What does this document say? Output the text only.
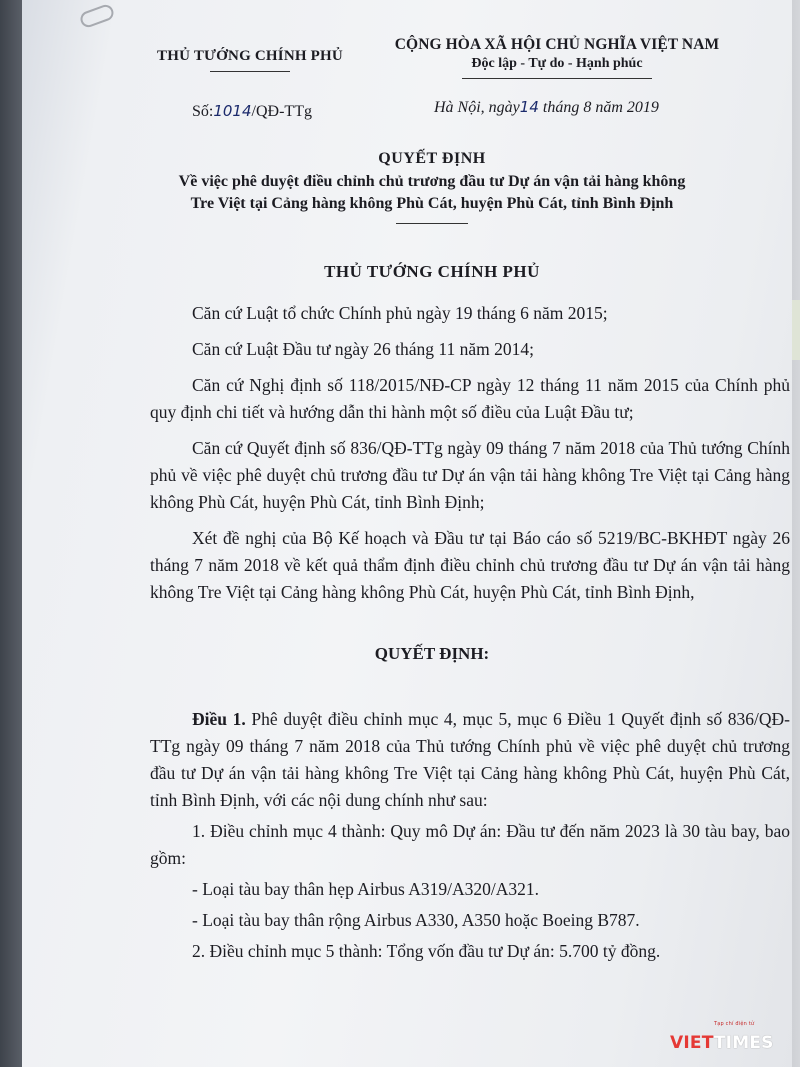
THỦ TƯỚNG CHÍNH PHỦ
CỘNG HÒA XÃ HỘI CHỦ NGHĨA VIỆT NAM
Độc lập - Tự do - Hạnh phúc
Số:1014/QĐ-TTg	Hà Nội, ngày14 tháng 8 năm 2019
QUYẾT ĐỊNH
Về việc phê duyệt điều chỉnh chủ trương đầu tư Dự án vận tải hàng không
Tre Việt tại Cảng hàng không Phù Cát, huyện Phù Cát, tỉnh Bình Định
THỦ TƯỚNG CHÍNH PHỦ

Căn cứ Luật tổ chức Chính phủ ngày 19 tháng 6 năm 2015;

Căn cứ Luật Đầu tư ngày 26 tháng 11 năm 2014;

Căn cứ Nghị định số 118/2015/NĐ-CP ngày 12 tháng 11 năm 2015 của Chính phủ quy định chi tiết và hướng dẫn thi hành một số điều của Luật Đầu tư;

Căn cứ Quyết định số 836/QĐ-TTg ngày 09 tháng 7 năm 2018 của Thủ tướng Chính phủ về việc phê duyệt chủ trương đầu tư Dự án vận tải hàng không Tre Việt tại Cảng hàng không Phù Cát, huyện Phù Cát, tỉnh Bình Định;

Xét đề nghị của Bộ Kế hoạch và Đầu tư tại Báo cáo số 5219/BC-BKHĐT ngày 26 tháng 7 năm 2018 về kết quả thẩm định điều chỉnh chủ trương đầu tư Dự án vận tải hàng không Tre Việt tại Cảng hàng không Phù Cát, huyện Phù Cát, tỉnh Bình Định,

QUYẾT ĐỊNH:

Điều 1. Phê duyệt điều chỉnh mục 4, mục 5, mục 6 Điều 1 Quyết định số 836/QĐ-TTg ngày 09 tháng 7 năm 2018 của Thủ tướng Chính phủ về việc phê duyệt chủ trương đầu tư Dự án vận tải hàng không Tre Việt tại Cảng hàng không Phù Cát, huyện Phù Cát, tỉnh Bình Định, với các nội dung chính như sau:

1. Điều chỉnh mục 4 thành: Quy mô Dự án: Đầu tư đến năm 2023 là 30 tàu bay, bao gồm:

- Loại tàu bay thân hẹp Airbus A319/A320/A321.

- Loại tàu bay thân rộng Airbus A330, A350 hoặc Boeing B787.

2. Điều chỉnh mục 5 thành: Tổng vốn đầu tư Dự án: 5.700 tỷ đồng.

Tạp chí điện tử
VIETTIMES
